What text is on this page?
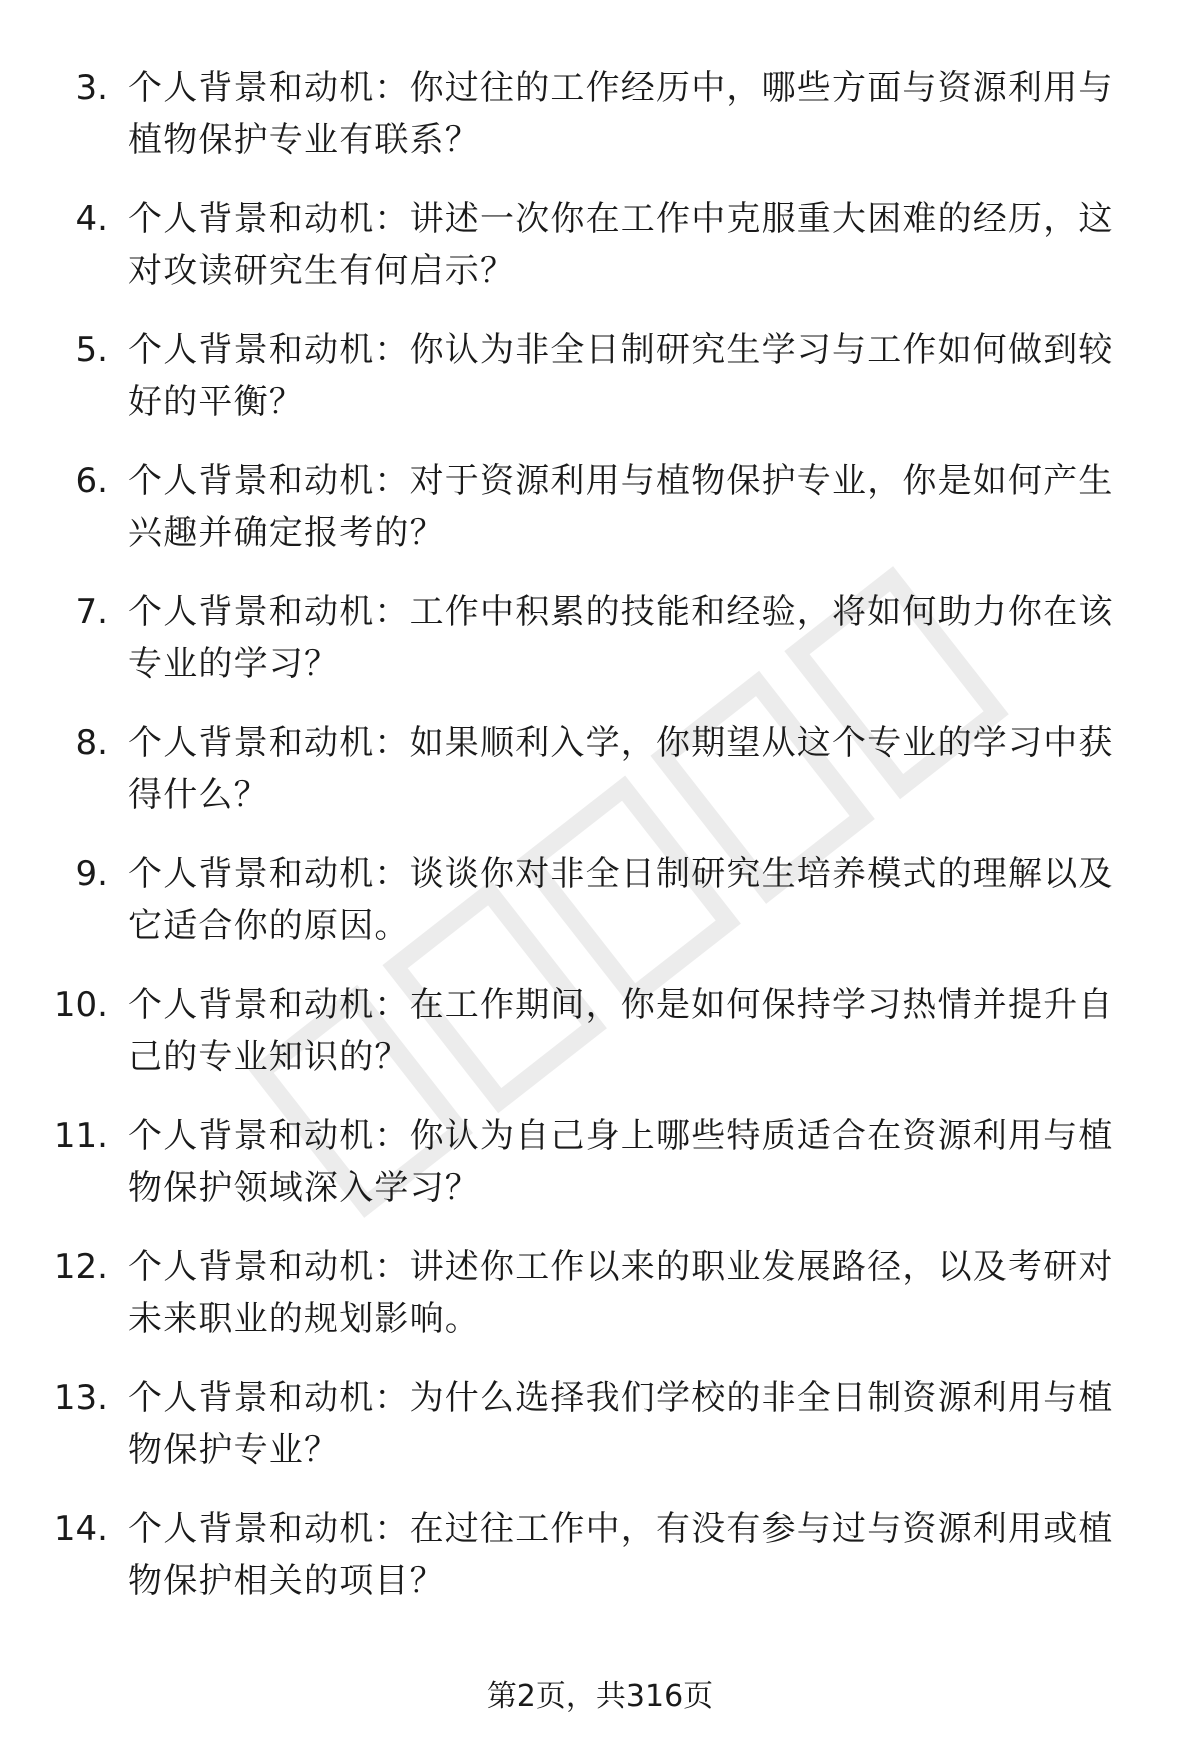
3. 个人背景和动机：你过往的工作经历中，哪些方面与资源利用与植物保护专业有联系？
4. 个人背景和动机：讲述一次你在工作中克服重大困难的经历，这对攻读研究生有何启示？
5. 个人背景和动机：你认为非全日制研究生学习与工作如何做到较好的平衡？
6. 个人背景和动机：对于资源利用与植物保护专业，你是如何产生兴趣并确定报考的？
7. 个人背景和动机：工作中积累的技能和经验，将如何助力你在该专业的学习？
8. 个人背景和动机：如果顺利入学，你期望从这个专业的学习中获得什么？
9. 个人背景和动机：谈谈你对非全日制研究生培养模式的理解以及它适合你的原因。
10. 个人背景和动机：在工作期间，你是如何保持学习热情并提升自己的专业知识的？
11. 个人背景和动机：你认为自己身上哪些特质适合在资源利用与植物保护领域深入学习？
12. 个人背景和动机：讲述你工作以来的职业发展路径，以及考研对未来职业的规划影响。
13. 个人背景和动机：为什么选择我们学校的非全日制资源利用与植物保护专业？
14. 个人背景和动机：在过往工作中，有没有参与过与资源利用或植物保护相关的项目？
第2页，共316页
